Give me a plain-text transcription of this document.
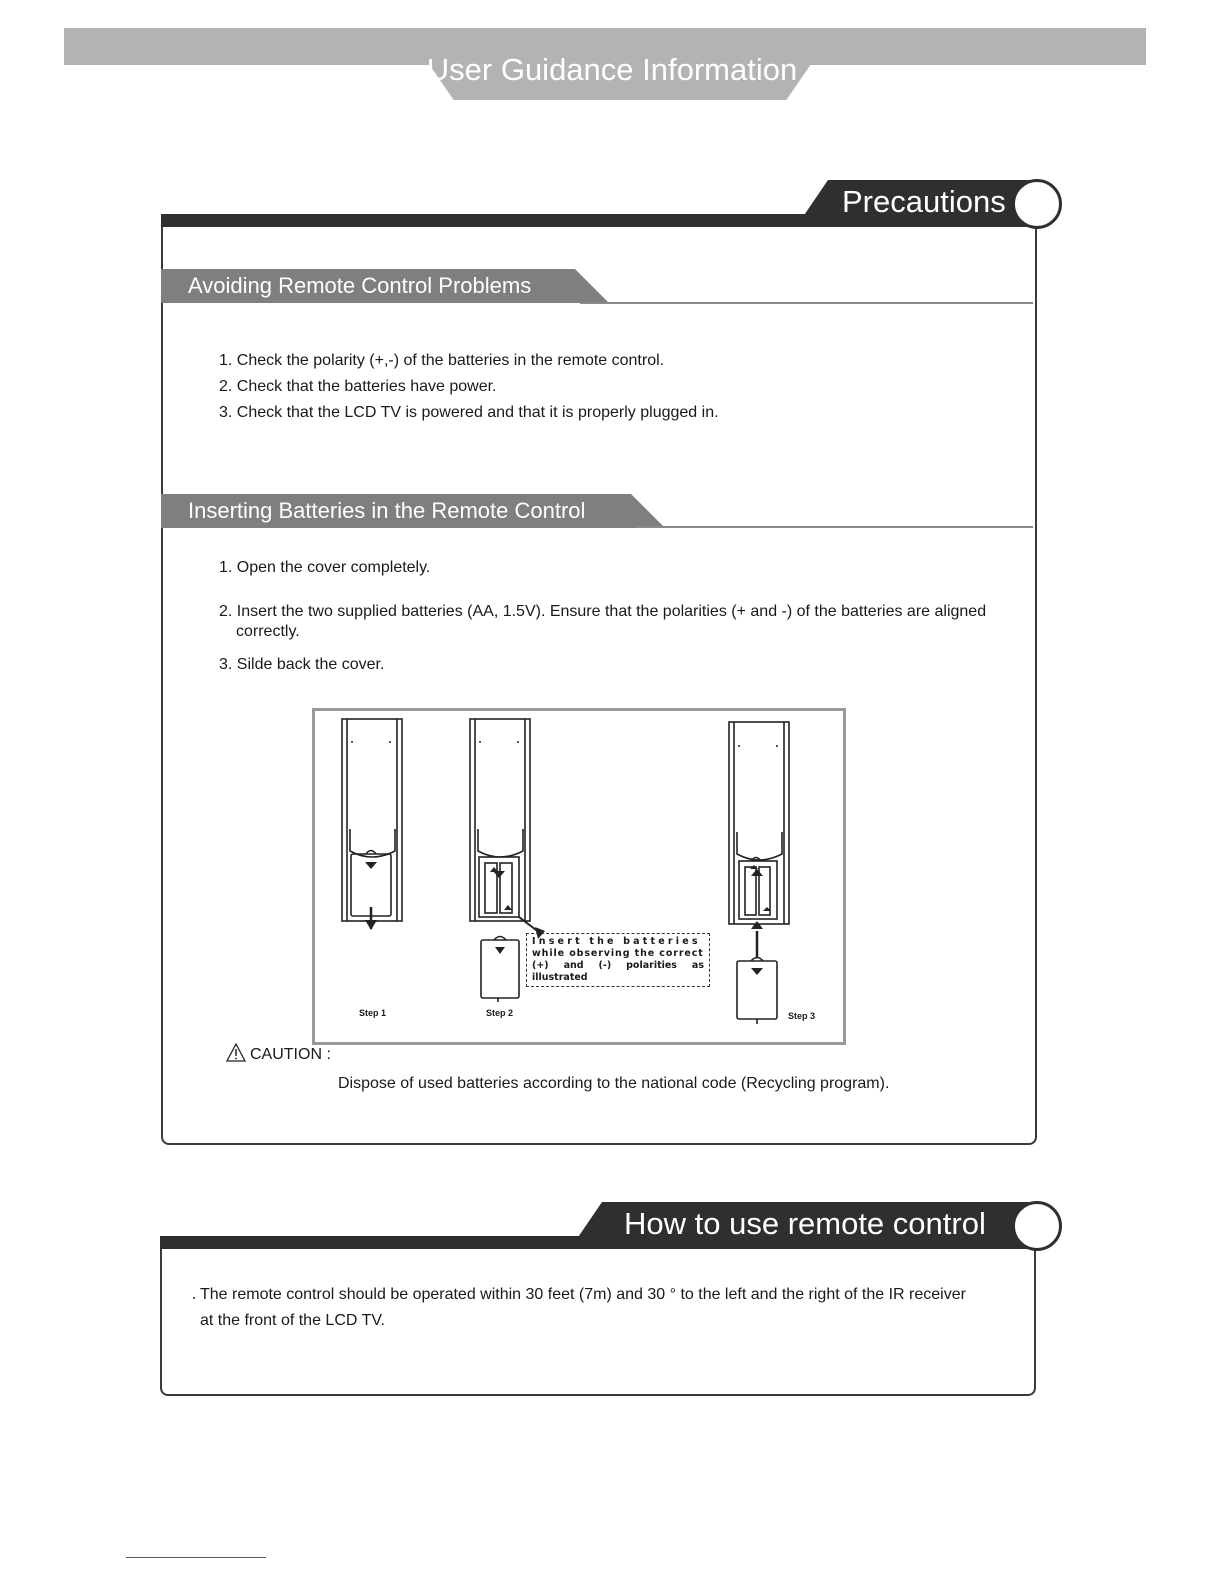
User Guidance Information
Precautions
Avoiding Remote Control Problems
1. Check the polarity (+,-) of the batteries in the remote control.
2. Check that the batteries have power.
3. Check that the LCD TV is powered and that it is properly plugged in.
Inserting Batteries in the Remote Control
1. Open the cover completely.
2. Insert the two supplied batteries (AA, 1.5V). Ensure that the polarities (+ and -) of the batteries are aligned
correctly.
3. Silde back the cover.
Step 1	Step 2	Step 3
Insert the batteries
while observing the correct
(+) and (-) polarities as illustrated
CAUTION :
Dispose of used batteries according to the national code (Recycling program).
How to use remote control
The remote control should be operated within 30 feet (7m) and 30 ° to the left and the right of the IR receiver
at the front of the LCD TV.
